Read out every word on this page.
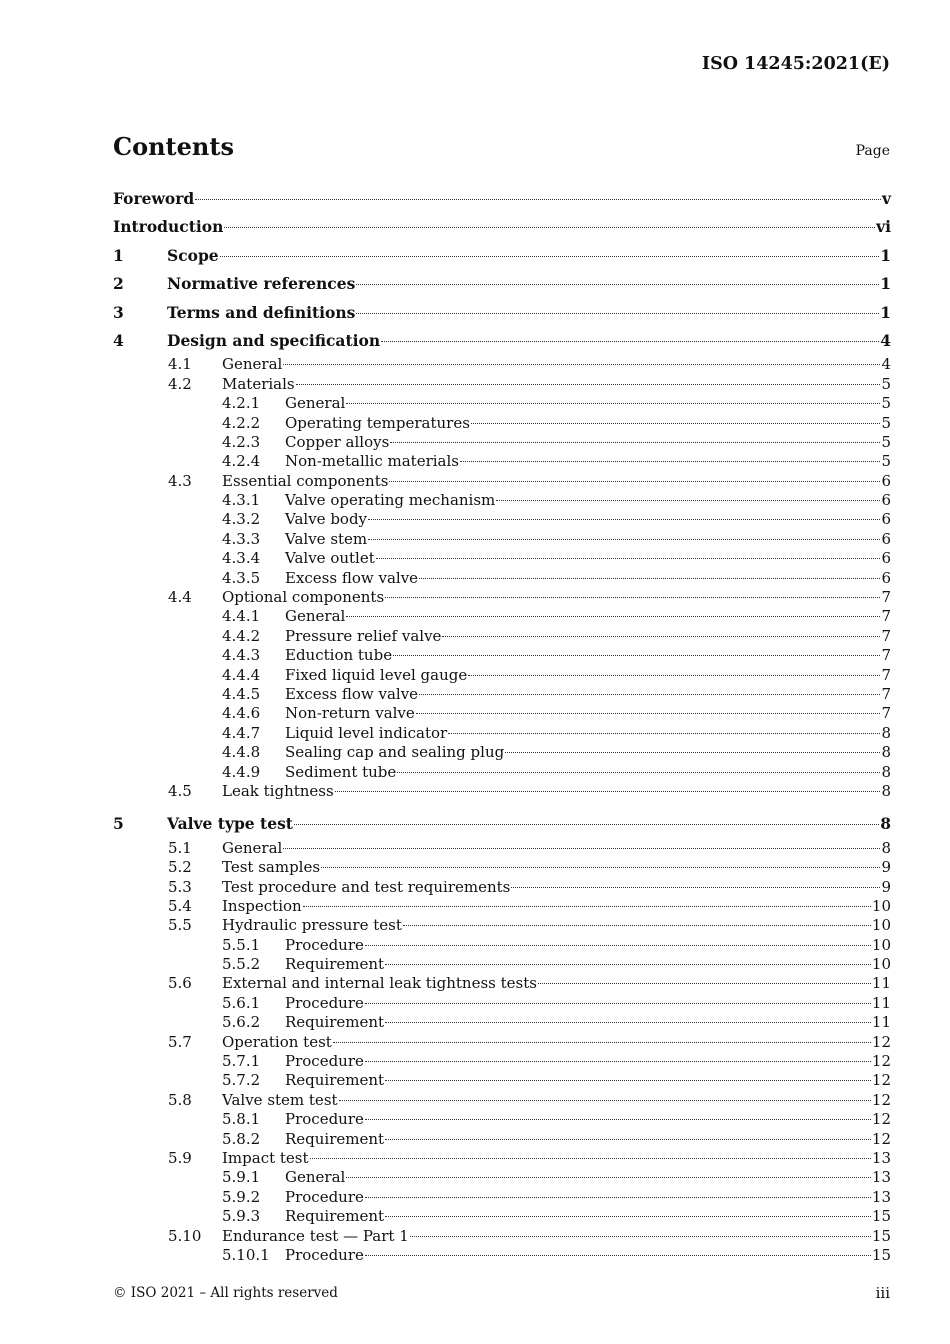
ISO 14245:2021(E)
Contents	Page
Foreword	v
Introduction	vi
1	Scope	1
2	Normative references	1
3	Terms and definitions	1
4	Design and specification	4
4.1 General	4
4.2 Materials	5
4.2.1 General	5
4.2.2 Operating temperatures	5
4.2.3 Copper alloys	5
4.2.4 Non-metallic materials	5
4.3 Essential components	6
4.3.1 Valve operating mechanism	6
4.3.2 Valve body	6
4.3.3 Valve stem	6
4.3.4 Valve outlet	6
4.3.5 Excess flow valve	6
4.4 Optional components	7
4.4.1 General	7
4.4.2 Pressure relief valve	7
4.4.3 Eduction tube	7
4.4.4 Fixed liquid level gauge	7
4.4.5 Excess flow valve	7
4.4.6 Non-return valve	7
4.4.7 Liquid level indicator	8
4.4.8 Sealing cap and sealing plug	8
4.4.9 Sediment tube	8
4.5 Leak tightness	8
5	Valve type test	8
5.1 General	8
5.2 Test samples	9
5.3 Test procedure and test requirements	9
5.4 Inspection	10
5.5 Hydraulic pressure test	10
5.5.1 Procedure	10
5.5.2 Requirement	10
5.6 External and internal leak tightness tests	11
5.6.1 Procedure	11
5.6.2 Requirement	11
5.7 Operation test	12
5.7.1 Procedure	12
5.7.2 Requirement	12
5.8 Valve stem test	12
5.8.1 Procedure	12
5.8.2 Requirement	12
5.9 Impact test	13
5.9.1 General	13
5.9.2 Procedure	13
5.9.3 Requirement	15
5.10 Endurance test — Part 1	15
5.10.1 Procedure	15
© ISO 2021 – All rights reserved	iii
